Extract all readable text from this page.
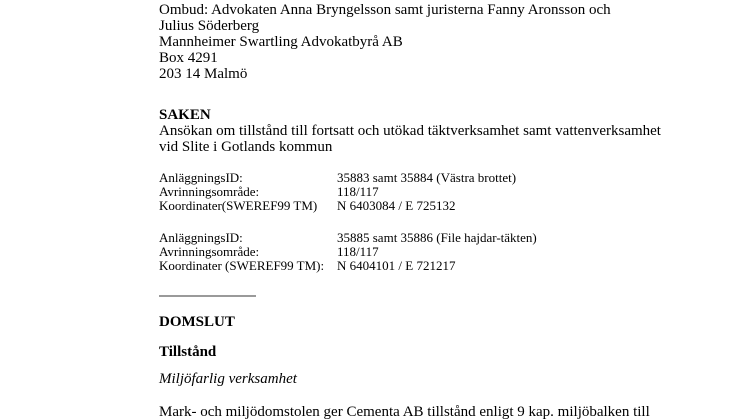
Ombud: Advokaten Anna Bryngelsson samt juristerna Fanny Aronsson och
Julius Söderberg
Mannheimer Swartling Advokatbyrå AB
Box 4291
203 14 Malmö
SAKEN
Ansökan om tillstånd till fortsatt och utökad täktverksamhet samt vattenverksamhet
vid Slite i Gotlands kommun
AnläggningsID:	35883 samt 35884 (Västra brottet)
Avrinningsområde:	118/117
Koordinater(SWEREF99 TM)	N 6403084 / E 725132
AnläggningsID:	35885 samt 35886 (File hajdar-täkten)
Avrinningsområde:	118/117
Koordinater (SWEREF99 TM): N 6404101 / E 721217
DOMSLUT
Tillstånd
Miljöfarlig verksamhet
Mark- och miljödomstolen ger Cementa AB tillstånd enligt 9 kap. miljöbalken till
